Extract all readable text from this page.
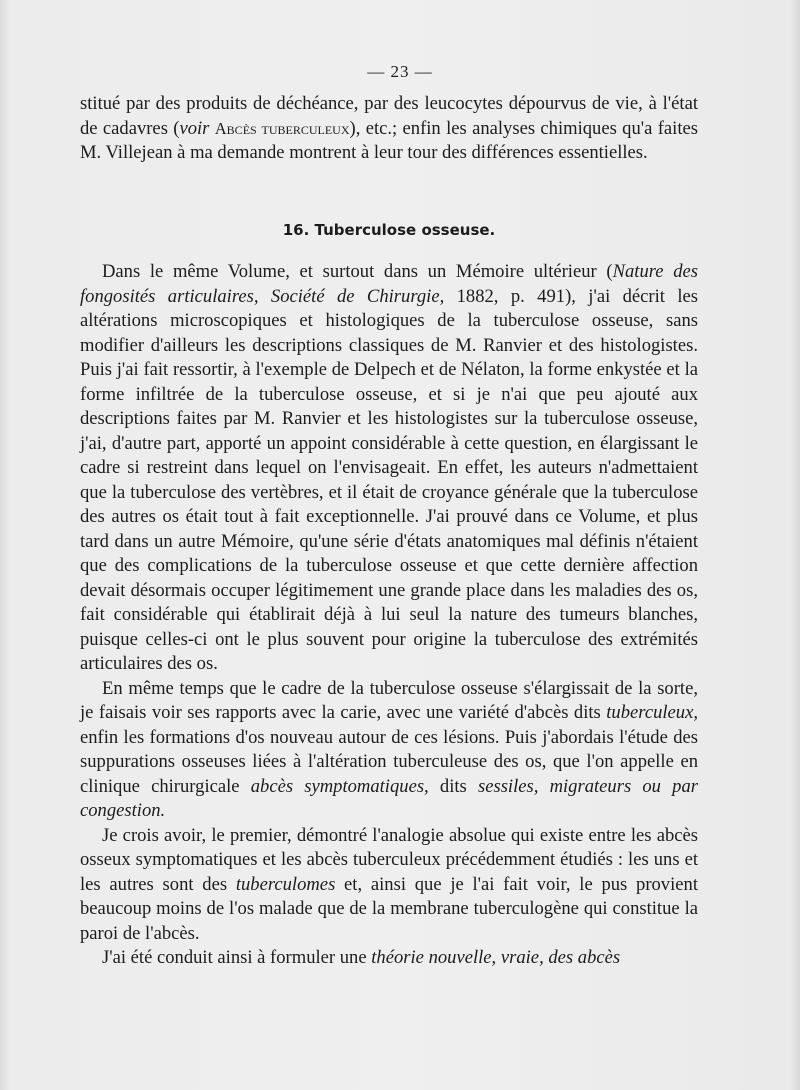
— 23 —

stitué par des produits de déchéance, par des leucocytes dépourvus de vie, à l'état de cadavres (voir Abcès tuberculeux), etc.; enfin les analyses chimiques qu'a faites M. Villejean à ma demande montrent à leur tour des différences essentielles.

16. Tuberculose osseuse.

Dans le même Volume, et surtout dans un Mémoire ultérieur (Nature des fongosités articulaires, Société de Chirurgie, 1882, p. 491), j'ai décrit les altérations microscopiques et histologiques de la tuberculose osseuse, sans modifier d'ailleurs les descriptions classiques de M. Ranvier et des histologistes. Puis j'ai fait ressortir, à l'exemple de Delpech et de Nélaton, la forme enkystée et la forme infiltrée de la tuberculose osseuse, et si je n'ai que peu ajouté aux descriptions faites par M. Ranvier et les histologistes sur la tuberculose osseuse, j'ai, d'autre part, apporté un appoint considérable à cette question, en élargissant le cadre si restreint dans lequel on l'envisageait. En effet, les auteurs n'admettaient que la tuberculose des vertèbres, et il était de croyance générale que la tuberculose des autres os était tout à fait exceptionnelle. J'ai prouvé dans ce Volume, et plus tard dans un autre Mémoire, qu'une série d'états anatomiques mal définis n'étaient que des complications de la tuberculose osseuse et que cette dernière affection devait désormais occuper légitimement une grande place dans les maladies des os, fait considérable qui établirait déjà à lui seul la nature des tumeurs blanches, puisque celles-ci ont le plus souvent pour origine la tuberculose des extrémités articulaires des os.

En même temps que le cadre de la tuberculose osseuse s'élargissait de la sorte, je faisais voir ses rapports avec la carie, avec une variété d'abcès dits tuberculeux, enfin les formations d'os nouveau autour de ces lésions. Puis j'abordais l'étude des suppurations osseuses liées à l'altération tuberculeuse des os, que l'on appelle en clinique chirurgicale abcès symptomatiques, dits sessiles, migrateurs ou par congestion.

Je crois avoir, le premier, démontré l'analogie absolue qui existe entre les abcès osseux symptomatiques et les abcès tuberculeux précédemment étudiés : les uns et les autres sont des tuberculomes et, ainsi que je l'ai fait voir, le pus provient beaucoup moins de l'os malade que de la membrane tuberculogène qui constitue la paroi de l'abcès.

J'ai été conduit ainsi à formuler une théorie nouvelle, vraie, des abcès
